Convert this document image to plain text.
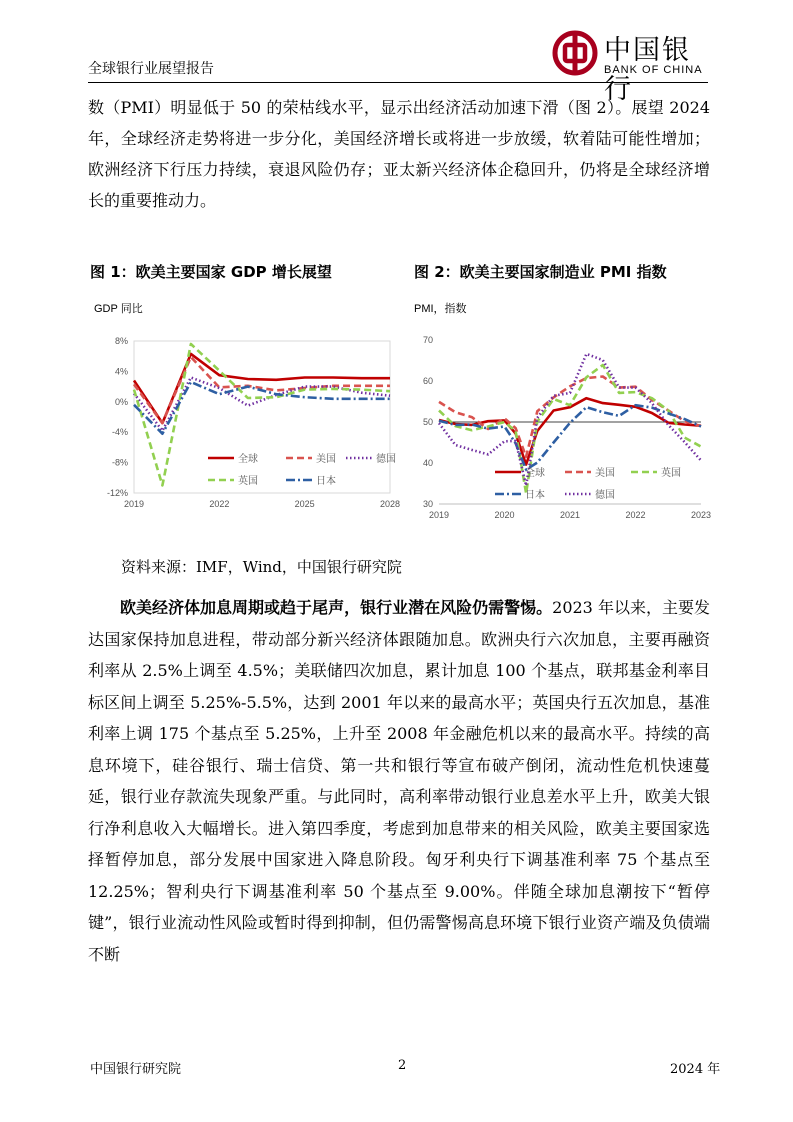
全球银行业展望报告
中国银行
BANK OF CHINA
数（PMI）明显低于 50 的荣枯线水平，显示出经济活动加速下滑（图 2）。展望 2024 年，全球经济走势将进一步分化，美国经济增长或将进一步放缓，软着陆可能性增加；欧洲经济下行压力持续，衰退风险仍存；亚太新兴经济体企稳回升，仍将是全球经济增长的重要推动力。
图 1：欧美主要国家 GDP 增长展望	图 2：欧美主要国家制造业 PMI 指数
GDP 同比	PMI，指数
8%
4%
0%
-4%
-8%
-12%
2019	2022	2025	2028
全球	美国	德国
英国	日本
70
60
50
40
30
2019	2020	2021	2022	2023
全球	美国	英国
日本	德国
资料来源：IMF，Wind，中国银行研究院
欧美经济体加息周期或趋于尾声，银行业潜在风险仍需警惕。2023 年以来，主要发达国家保持加息进程，带动部分新兴经济体跟随加息。欧洲央行六次加息，主要再融资利率从 2.5%上调至 4.5%；美联储四次加息，累计加息 100 个基点，联邦基金利率目标区间上调至 5.25%-5.5%，达到 2001 年以来的最高水平；英国央行五次加息，基准利率上调 175 个基点至 5.25%，上升至 2008 年金融危机以来的最高水平。持续的高息环境下，硅谷银行、瑞士信贷、第一共和银行等宣布破产倒闭，流动性危机快速蔓延，银行业存款流失现象严重。与此同时，高利率带动银行业息差水平上升，欧美大银行净利息收入大幅增长。进入第四季度，考虑到加息带来的相关风险，欧美主要国家选择暂停加息，部分发展中国家进入降息阶段。匈牙利央行下调基准利率 75 个基点至 12.25%；智利央行下调基准利率 50 个基点至 9.00%。伴随全球加息潮按下“暂停键”，银行业流动性风险或暂时得到抑制，但仍需警惕高息环境下银行业资产端及负债端不断
中国银行研究院	2	2024 年
